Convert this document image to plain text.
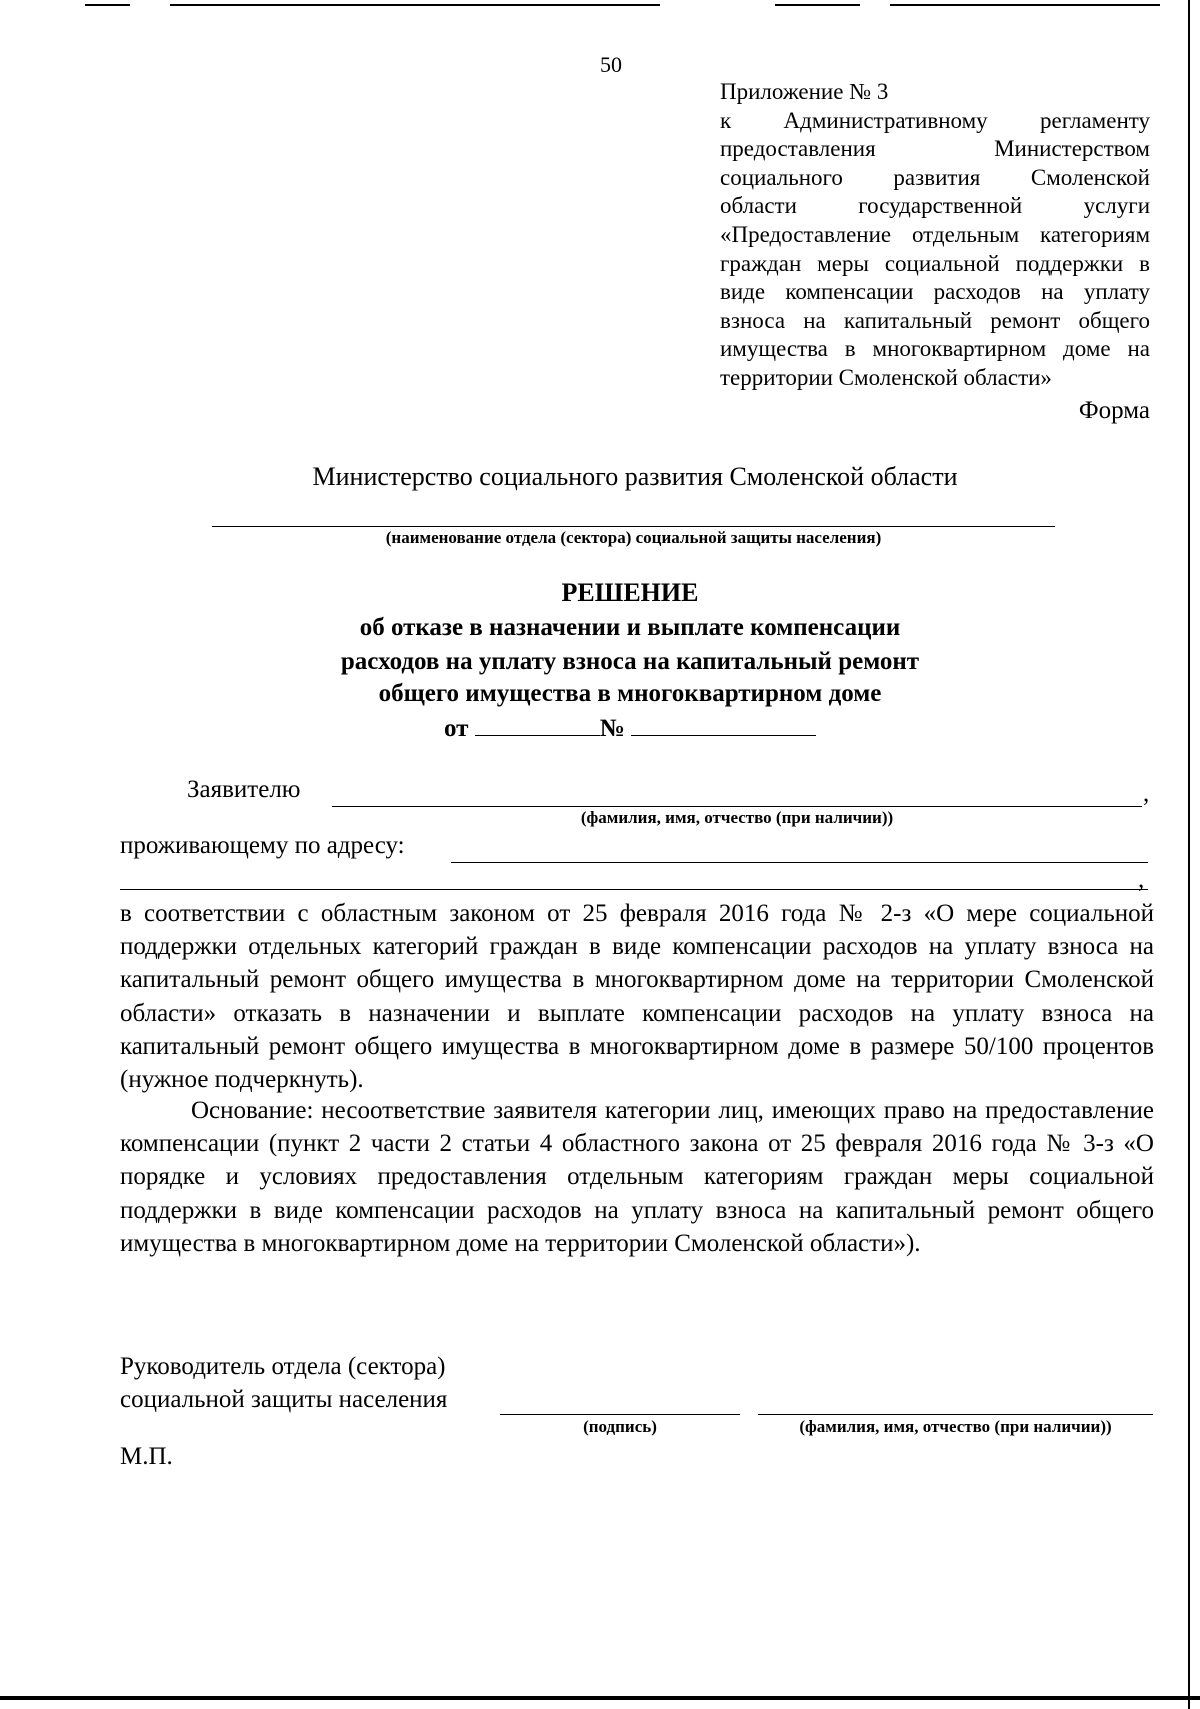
50
Приложение № 3
к Административному регламенту
предоставления Министерством
социального развития Смоленской
области государственной услуги
«Предоставление отдельным категориям
граждан меры социальной поддержки в
виде компенсации расходов на уплату
взноса на капитальный ремонт общего
имущества в многоквартирном доме на
территории Смоленской области»
Форма
Министерство социального развития Смоленской области
(наименование отдела (сектора) социальной защиты населения)
РЕШЕНИЕ
об отказе в назначении и выплате компенсации
расходов на уплату взноса на капитальный ремонт
общего имущества в многоквартирном доме
от	№
Заявителю	,
(фамилия, имя, отчество (при наличии))
проживающему по адресу:
,
в соответствии с областным законом от 25 февраля 2016 года № 2-з «О мере социальной поддержки отдельных категорий граждан в виде компенсации расходов на уплату взноса на капитальный ремонт общего имущества в многоквартирном доме на территории Смоленской области» отказать в назначении и выплате компенсации расходов на уплату взноса на капитальный ремонт общего имущества в многоквартирном доме в размере 50/100 процентов (нужное подчеркнуть).
Основание: несоответствие заявителя категории лиц, имеющих право на предоставление компенсации (пункт 2 части 2 статьи 4 областного закона от 25 февраля 2016 года № 3-з «О порядке и условиях предоставления отдельным категориям граждан меры социальной поддержки в виде компенсации расходов на уплату взноса на капитальный ремонт общего имущества в многоквартирном доме на территории Смоленской области»).
Руководитель отдела (сектора)
социальной защиты населения
(подпись)	(фамилия, имя, отчество (при наличии))
М.П.
